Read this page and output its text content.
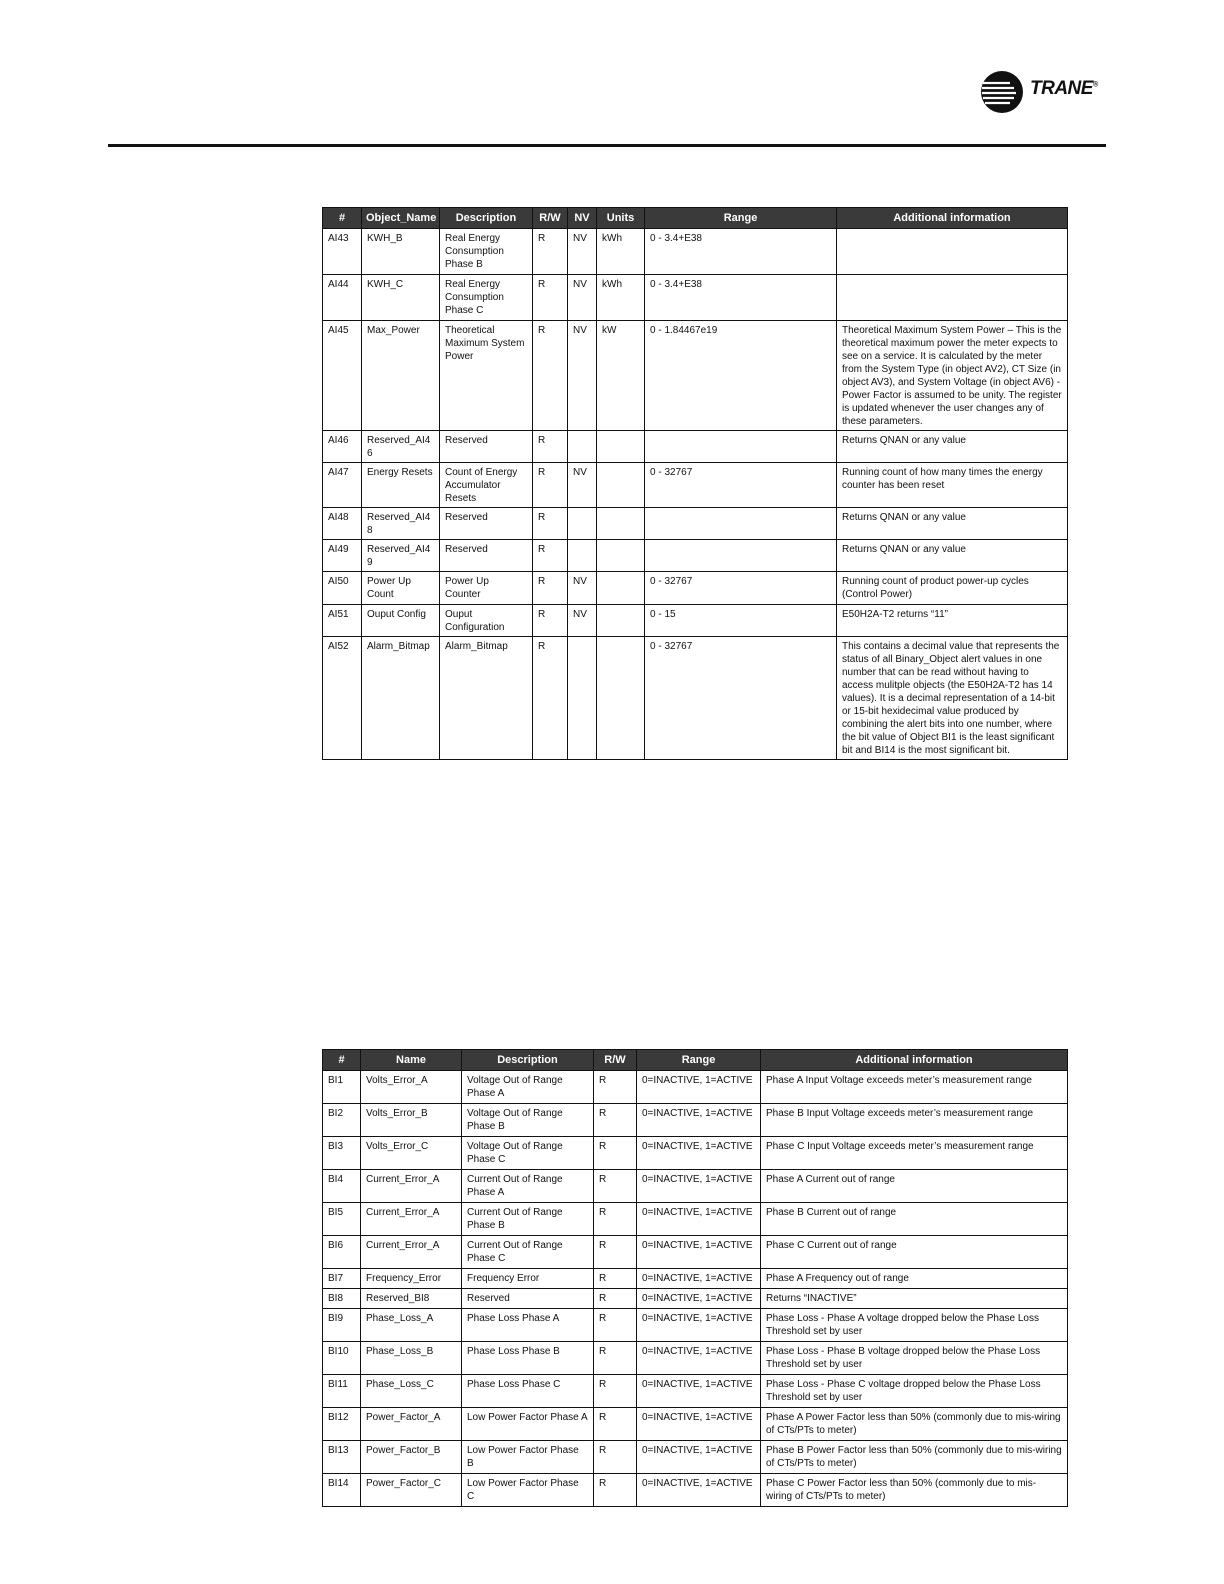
TRANE®
#	Object_Name	Description	R/W	NV	Units	Range	Additional information
AI43	KWH_B	Real Energy Consumption Phase B	R	NV	kWh	0 - 3.4+E38	
AI44	KWH_C	Real Energy Consumption Phase C	R	NV	kWh	0 - 3.4+E38	
AI45	Max_Power	Theoretical Maximum System Power	R	NV	kW	0 - 1.84467e19	Theoretical Maximum System Power – This is the theoretical maximum power the meter expects to see on a service. It is calculated by the meter from the System Type (in object AV2), CT Size (in object AV3), and System Voltage (in object AV6) - Power Factor is assumed to be unity. The register is updated whenever the user changes any of these parameters.
AI46	Reserved_AI46	Reserved	R				Returns QNAN or any value
AI47	Energy Resets	Count of Energy Accumulator Resets	R	NV		0 - 32767	Running count of how many times the energy counter has been reset
AI48	Reserved_AI48	Reserved	R				Returns QNAN or any value
AI49	Reserved_AI49	Reserved	R				Returns QNAN or any value
AI50	Power Up Count	Power Up Counter	R	NV		0 - 32767	Running count of product power-up cycles (Control Power)
AI51	Ouput Config	Ouput Configuration	R	NV		0 - 15	E50H2A-T2 returns “11”
AI52	Alarm_Bitmap	Alarm_Bitmap	R			0 - 32767	This contains a decimal value that represents the status of all Binary_Object alert values in one number that can be read without having to access mulitple objects (the E50H2A-T2 has 14 values). It is a decimal representation of a 14-bit or 15-bit hexidecimal value produced by combining the alert bits into one number, where the bit value of Object BI1 is the least significant bit and BI14 is the most significant bit.
#	Name	Description	R/W	Range	Additional information
BI1	Volts_Error_A	Voltage Out of Range Phase A	R	0=INACTIVE, 1=ACTIVE	Phase A Input Voltage exceeds meter’s measurement range
BI2	Volts_Error_B	Voltage Out of Range Phase B	R	0=INACTIVE, 1=ACTIVE	Phase B Input Voltage exceeds meter’s measurement range
BI3	Volts_Error_C	Voltage Out of Range Phase C	R	0=INACTIVE, 1=ACTIVE	Phase C Input Voltage exceeds meter’s measurement range
BI4	Current_Error_A	Current Out of Range Phase A	R	0=INACTIVE, 1=ACTIVE	Phase A Current out of range
BI5	Current_Error_A	Current Out of Range Phase B	R	0=INACTIVE, 1=ACTIVE	Phase B Current out of range
BI6	Current_Error_A	Current Out of Range Phase C	R	0=INACTIVE, 1=ACTIVE	Phase C Current out of range
BI7	Frequency_Error	Frequency Error	R	0=INACTIVE, 1=ACTIVE	Phase A Frequency out of range
BI8	Reserved_BI8	Reserved	R	0=INACTIVE, 1=ACTIVE	Returns “INACTIVE”
BI9	Phase_Loss_A	Phase Loss Phase A	R	0=INACTIVE, 1=ACTIVE	Phase Loss - Phase A voltage dropped below the Phase Loss Threshold set by user
BI10	Phase_Loss_B	Phase Loss Phase B	R	0=INACTIVE, 1=ACTIVE	Phase Loss - Phase B voltage dropped below the Phase Loss Threshold set by user
BI11	Phase_Loss_C	Phase Loss Phase C	R	0=INACTIVE, 1=ACTIVE	Phase Loss - Phase C voltage dropped below the Phase Loss Threshold set by user
BI12	Power_Factor_A	Low Power Factor Phase A	R	0=INACTIVE, 1=ACTIVE	Phase A Power Factor less than 50% (commonly due to mis-wiring of CTs/PTs to meter)
BI13	Power_Factor_B	Low Power Factor Phase B	R	0=INACTIVE, 1=ACTIVE	Phase B Power Factor less than 50% (commonly due to mis-wiring of CTs/PTs to meter)
BI14	Power_Factor_C	Low Power Factor Phase C	R	0=INACTIVE, 1=ACTIVE	Phase C Power Factor less than 50% (commonly due to mis-wiring of CTs/PTs to meter)
